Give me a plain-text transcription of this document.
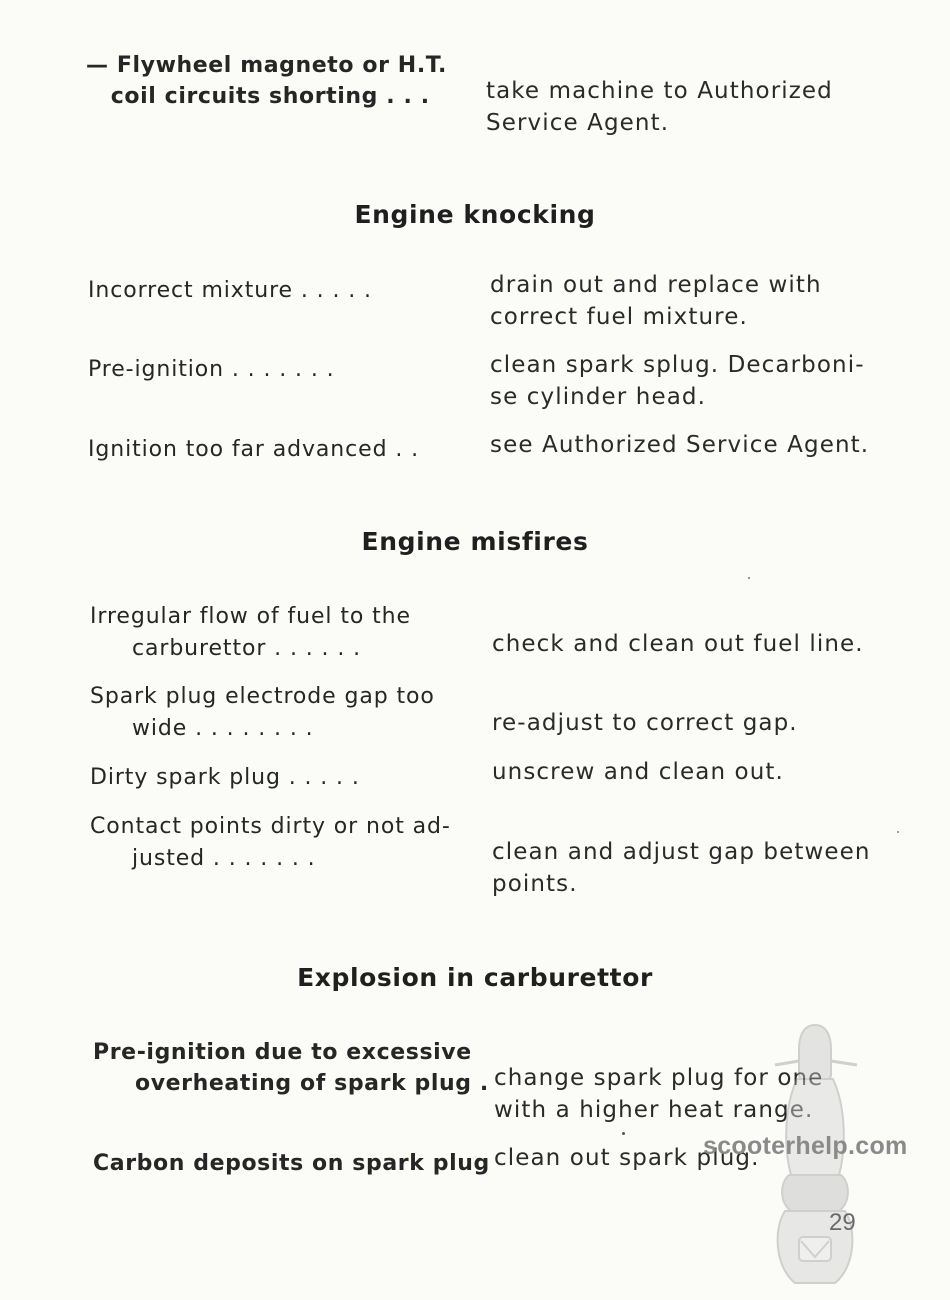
— Flywheel magneto or H.T.
coil circuits shorting . . . take machine to Authorized
Service Agent.
Engine knocking
Incorrect mixture . . . . .	drain out and replace with
correct fuel mixture.
Pre-ignition . . . . . . .	clean spark splug. Decarboni-
se cylinder head.
Ignition too far advanced . .	see Authorized Service Agent.
Engine misfires
Irregular flow of fuel to the
carburettor . . . . . .	check and clean out fuel line.
Spark plug electrode gap too
wide . . . . . . . .	re-adjust to correct gap.
Dirty spark plug . . . . .	unscrew and clean out.
Contact points dirty or not ad-
justed . . . . . . .	clean and adjust gap between
points.
Explosion in carburettor
Pre-ignition due to excessive
overheating of spark plug . change spark plug for one
with a higher heat range.
Carbon deposits on spark plug clean out spark plug.
scooterhelp.com
29
